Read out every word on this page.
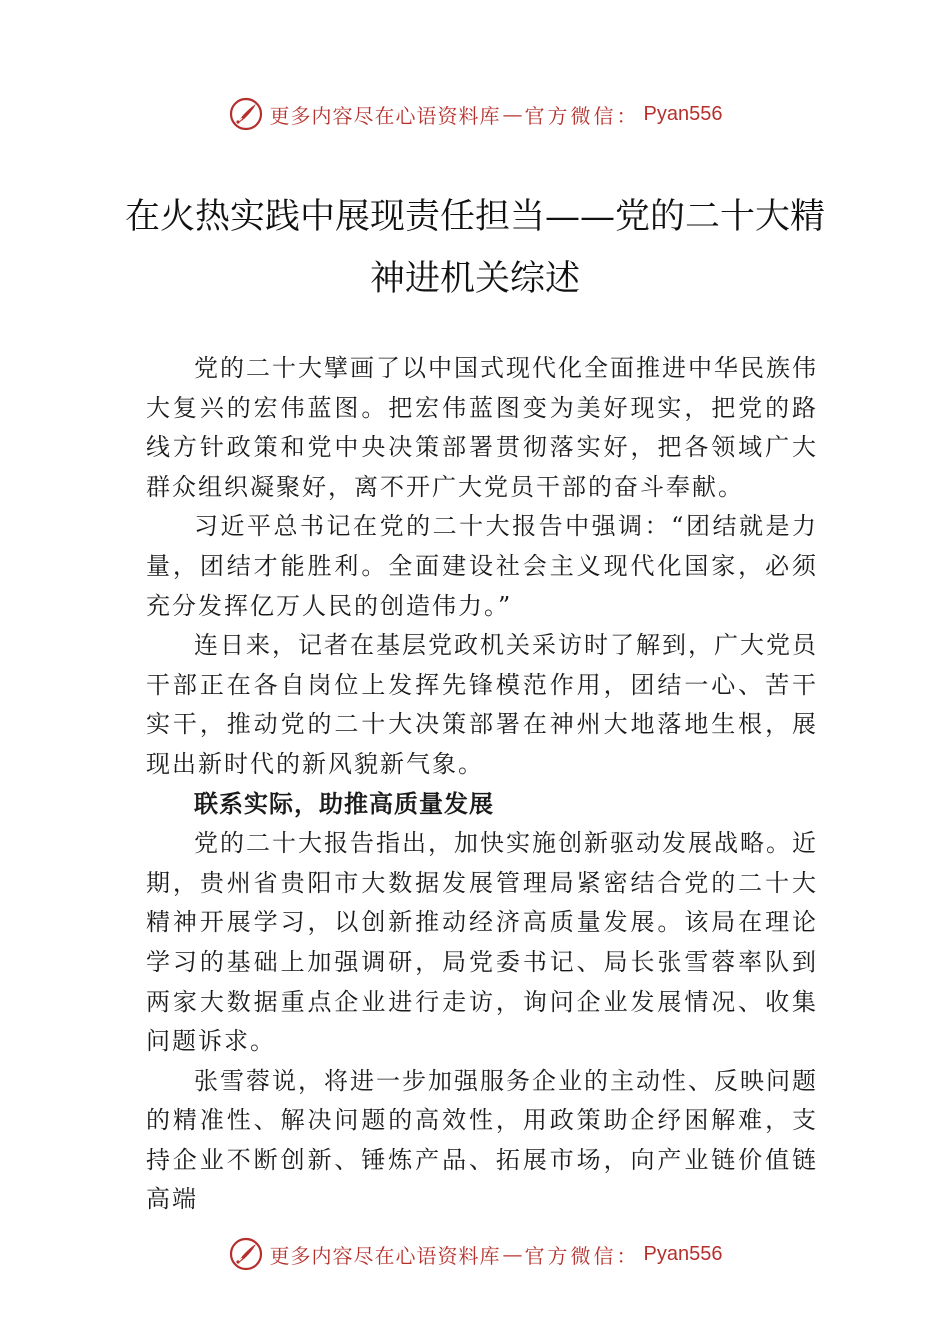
更多内容尽在心语资料库 — 官方微信： Pyan556
在火热实践中展现责任担当——党的二十大精神进机关综述

党的二十大擘画了以中国式现代化全面推进中华民族伟大复兴的宏伟蓝图。把宏伟蓝图变为美好现实，把党的路线方针政策和党中央决策部署贯彻落实好，把各领域广大群众组织凝聚好，离不开广大党员干部的奋斗奉献。

习近平总书记在党的二十大报告中强调：“团结就是力量，团结才能胜利。全面建设社会主义现代化国家，必须充分发挥亿万人民的创造伟力。”

连日来，记者在基层党政机关采访时了解到，广大党员干部正在各自岗位上发挥先锋模范作用，团结一心、苦干实干，推动党的二十大决策部署在神州大地落地生根，展现出新时代的新风貌新气象。

联系实际，助推高质量发展

党的二十大报告指出，加快实施创新驱动发展战略。近期，贵州省贵阳市大数据发展管理局紧密结合党的二十大精神开展学习，以创新推动经济高质量发展。该局在理论学习的基础上加强调研，局党委书记、局长张雪蓉率队到两家大数据重点企业进行走访，询问企业发展情况、收集问题诉求。

张雪蓉说，将进一步加强服务企业的主动性、反映问题的精准性、解决问题的高效性，用政策助企纾困解难，支持企业不断创新、锤炼产品、拓展市场，向产业链价值链高端

更多内容尽在心语资料库 — 官方微信： Pyan556
